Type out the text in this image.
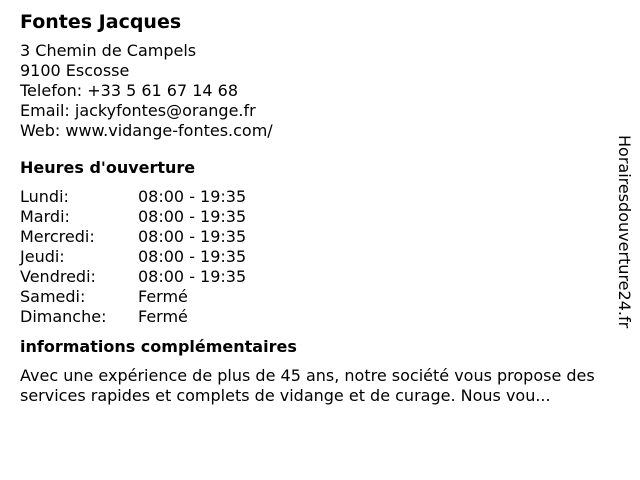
Fontes Jacques
3 Chemin de Campels
9100 Escosse
Telefon: +33 5 61 67 14 68
Email: jackyfontes@orange.fr
Web: www.vidange-fontes.com/
Heures d'ouverture
Lundi:	08:00 - 19:35
Mardi:	08:00 - 19:35
Mercredi:	08:00 - 19:35
Jeudi:	08:00 - 19:35
Vendredi:	08:00 - 19:35
Samedi:	Fermé
Dimanche:	Fermé
informations complémentaires
Avec une expérience de plus de 45 ans, notre société vous propose des services rapides et complets de vidange et de curage. Nous vou...
Horairesdouverture24.fr
